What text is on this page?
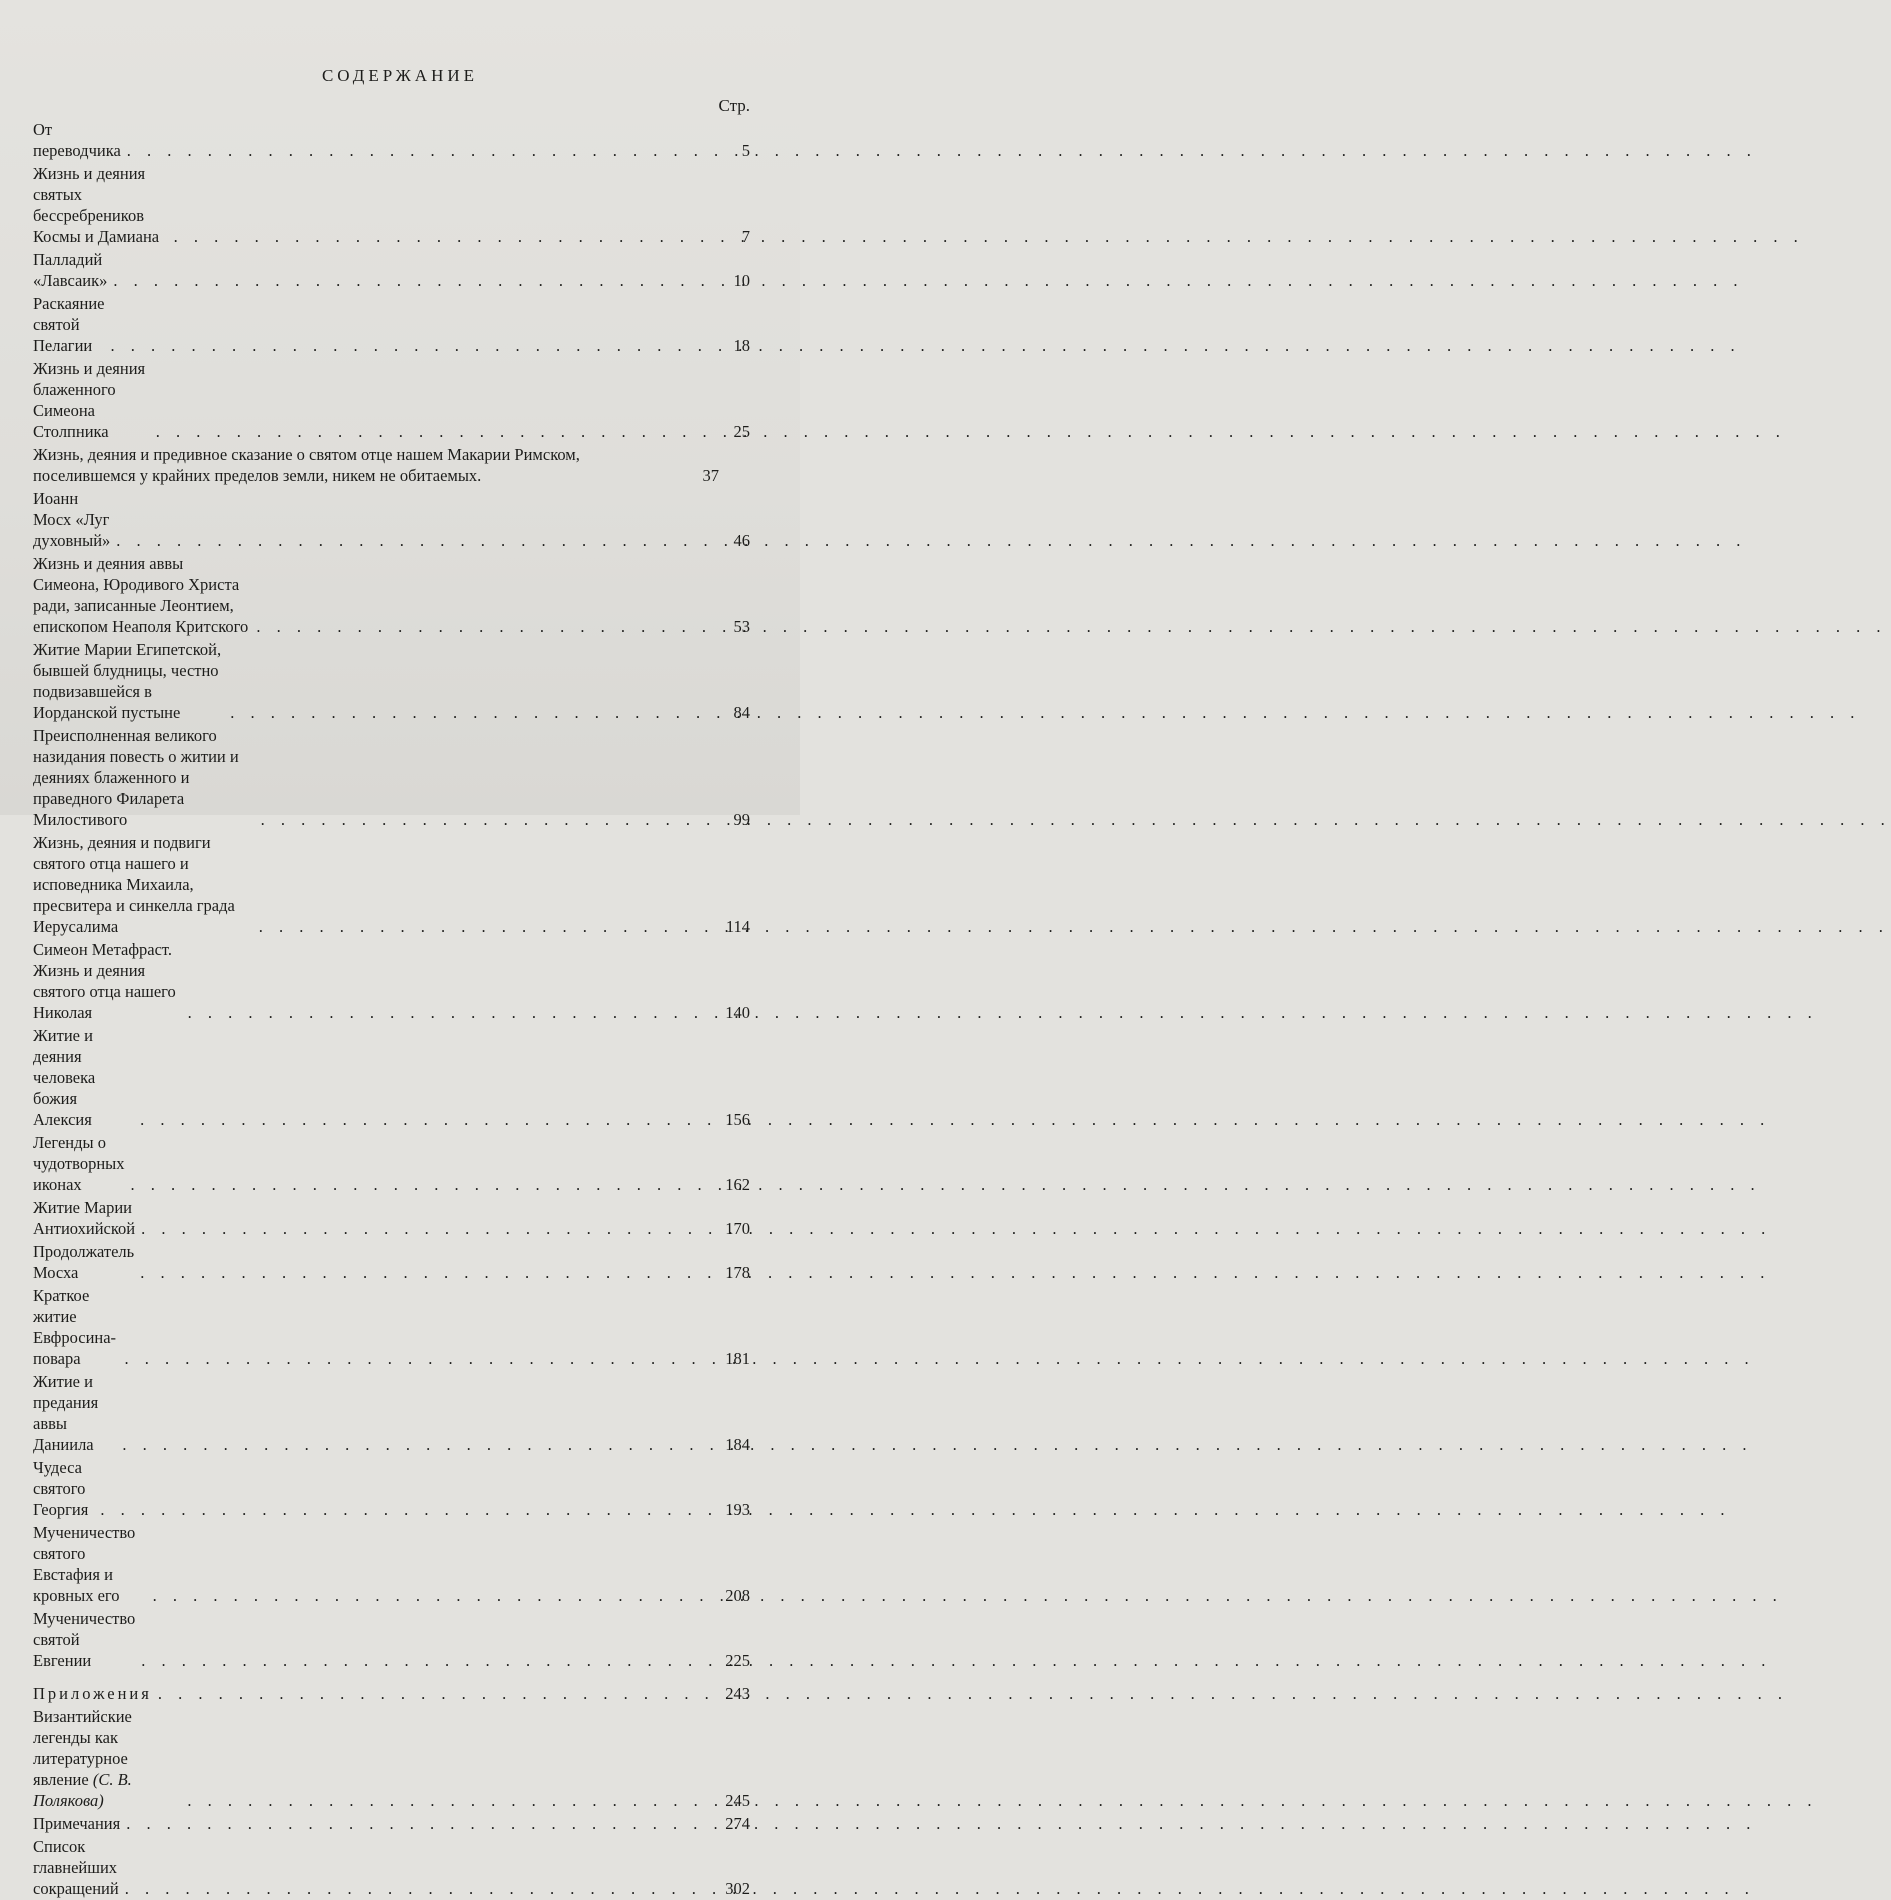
СОДЕРЖАНИЕ
Стр.
От переводчика . . .	5
Жизнь и деяния святых бессребреников Космы и Дамиана . . .	7
Палладий «Лавсаик» . . .	10
Раскаяние святой Пелагии . . .	18
Жизнь и деяния блаженного Симеона Столпника . . .	25
Жизнь, деяния и предивное сказание о святом отце нашем Макарии Римском, поселившемся у крайних пределов земли, никем не обитаемых.	37
Иоанн Мосх «Луг духовный» . . .	46
Жизнь и деяния аввы Симеона, Юродивого Христа ради, записанные Леонтием, епископом Неаполя Критского . . .	53
Житие Марии Египетской, бывшей блудницы, честно подвизавшейся в Иорданской пустыне . . .	84
Преисполненная великого назидания повесть о житии и деяниях блаженного и праведного Филарета Милостивого . . .	99
Жизнь, деяния и подвиги святого отца нашего и исповедника Михаила, пресвитера и синкелла града Иерусалима . . .	114
Симеон Метафраст. Жизнь и деяния святого отца нашего Николая . . .	140
Житие и деяния человека божия Алексия . . .	156
Легенды о чудотворных иконах . . .	162
Житие Марии Антиохийской . . .	170
Продолжатель Мосха . . .	178
Краткое житие Евфросина-повара . . .	181
Житие и предания аввы Даниила . . .	184
Чудеса святого Георгия . . .	193
Мученичество святого Евстафия и кровных его . . .	208
Мученичество святой Евгении . . .	225
Приложения . . .	243
Византийские легенды как литературное явление (С. В. Полякова) . . .	245
Примечания . . .	274
Список главнейших сокращений . . .	302
